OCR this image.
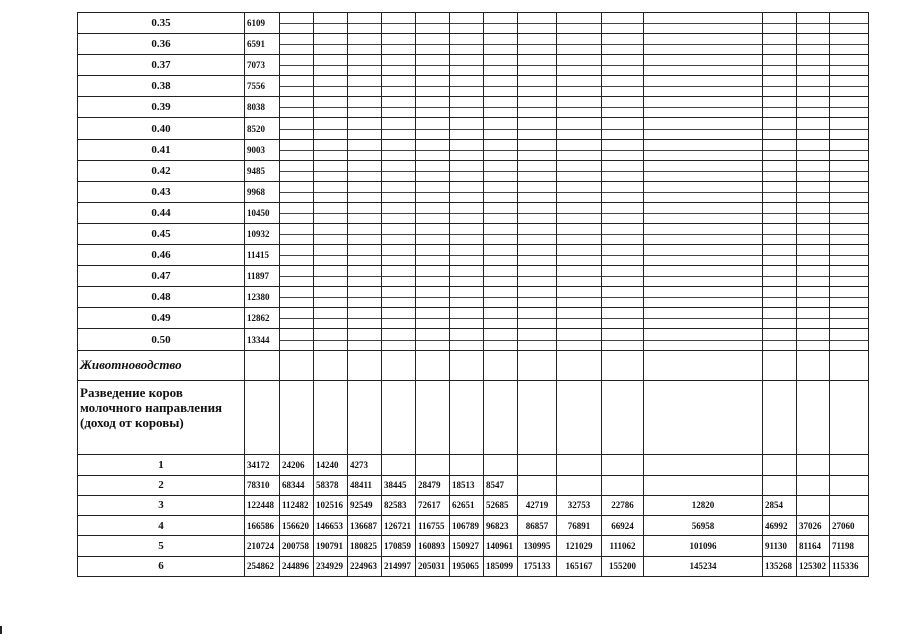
0.35	6109	

0.36	6591	

0.37	7073	

0.38	7556	

0.39	8038	

0.40	8520	

0.41	9003	

0.42	9485	

0.43	9968	

0.44	10450	

0.45	10932	

0.46	11415	

0.47	11897	

0.48	12380	

0.49	12862	

0.50	13344	

Животноводство															
Разведение коров молочного направления (доход от коровы)															
1	34172	24206	14240	4273											
2	78310	68344	58378	48411	38445	28479	18513	8547							
3	122448	112482	102516	92549	82583	72617	62651	52685	42719	32753	22786	12820	2854		
4	166586	156620	146653	136687	126721	116755	106789	96823	86857	76891	66924	56958	46992	37026	27060
5	210724	200758	190791	180825	170859	160893	150927	140961	130995	121029	111062	101096	91130	81164	71198
6	254862	244896	234929	224963	214997	205031	195065	185099	175133	165167	155200	145234	135268	125302	115336
